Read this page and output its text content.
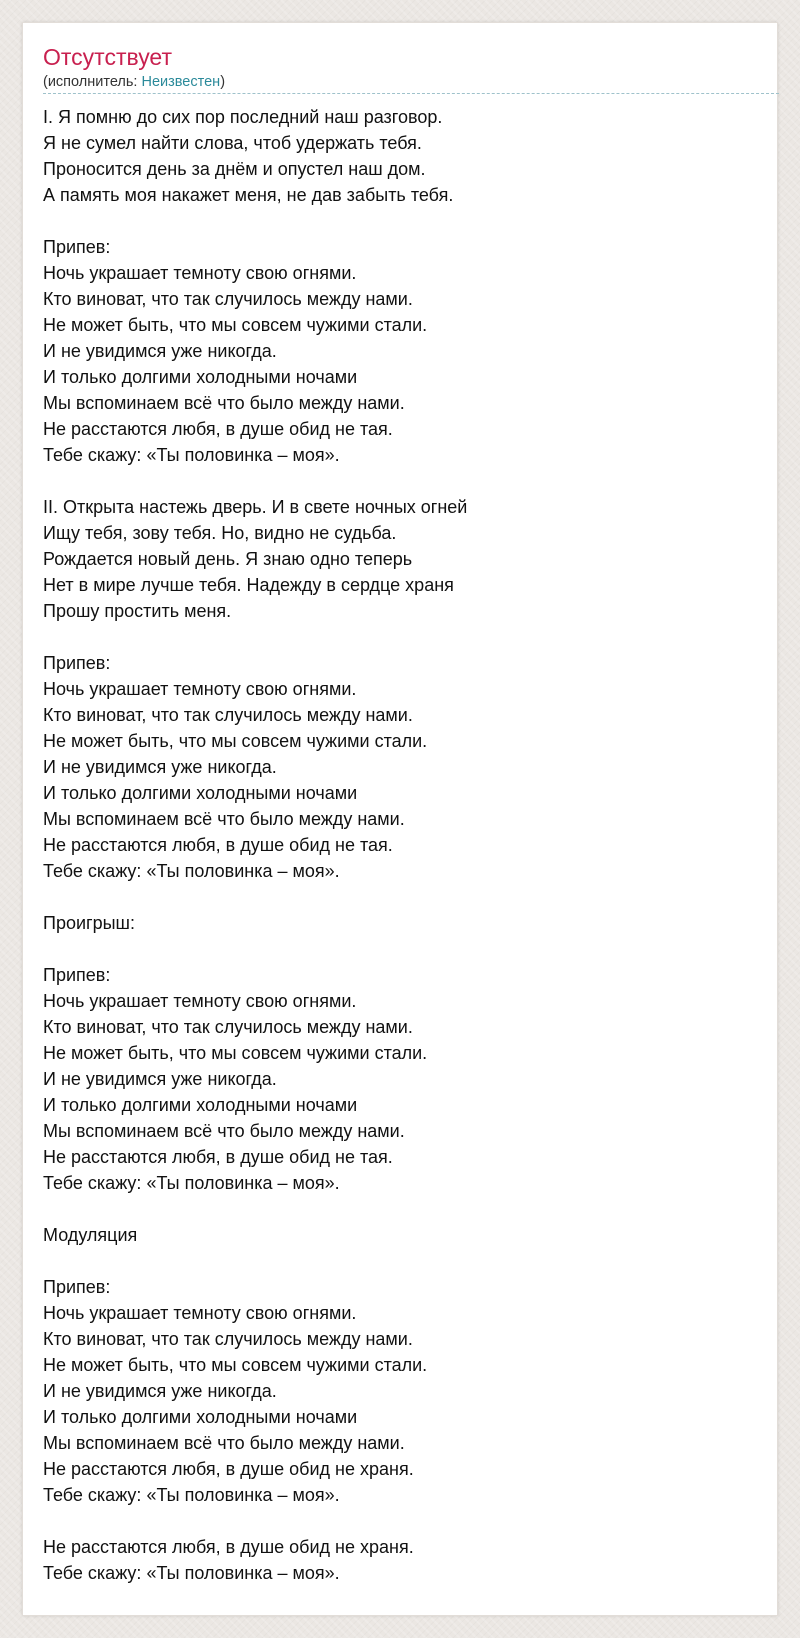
Отсутствует
(исполнитель: Неизвестен)
I. Я помню до сих пор последний наш разговор.
Я не сумел найти слова, чтоб удержать тебя.
Проносится день за днём и опустел наш дом.
А память моя накажет меня, не дав забыть тебя.
Припев:
Ночь украшает темноту свою огнями.
Кто виноват, что так случилось между нами.
Не может быть, что мы совсем чужими стали.
И не увидимся уже никогда.
И только долгими холодными ночами
Мы вспоминаем всё что было между нами.
Не расстаются любя, в душе обид не тая.
Тебе скажу: «Ты половинка – моя».
II. Открыта настежь дверь. И в свете ночных огней
Ищу тебя, зову тебя. Но, видно не судьба.
Рождается новый день. Я знаю одно теперь
Нет в мире лучше тебя. Надежду в сердце храня
Прошу простить меня.
Припев:
Ночь украшает темноту свою огнями.
Кто виноват, что так случилось между нами.
Не может быть, что мы совсем чужими стали.
И не увидимся уже никогда.
И только долгими холодными ночами
Мы вспоминаем всё что было между нами.
Не расстаются любя, в душе обид не тая.
Тебе скажу: «Ты половинка – моя».
Проигрыш:
Припев:
Ночь украшает темноту свою огнями.
Кто виноват, что так случилось между нами.
Не может быть, что мы совсем чужими стали.
И не увидимся уже никогда.
И только долгими холодными ночами
Мы вспоминаем всё что было между нами.
Не расстаются любя, в душе обид не тая.
Тебе скажу: «Ты половинка – моя».
Модуляция
Припев:
Ночь украшает темноту свою огнями.
Кто виноват, что так случилось между нами.
Не может быть, что мы совсем чужими стали.
И не увидимся уже никогда.
И только долгими холодными ночами
Мы вспоминаем всё что было между нами.
Не расстаются любя, в душе обид не храня.
Тебе скажу: «Ты половинка – моя».
Не расстаются любя, в душе обид не храня.
Тебе скажу: «Ты половинка – моя».
